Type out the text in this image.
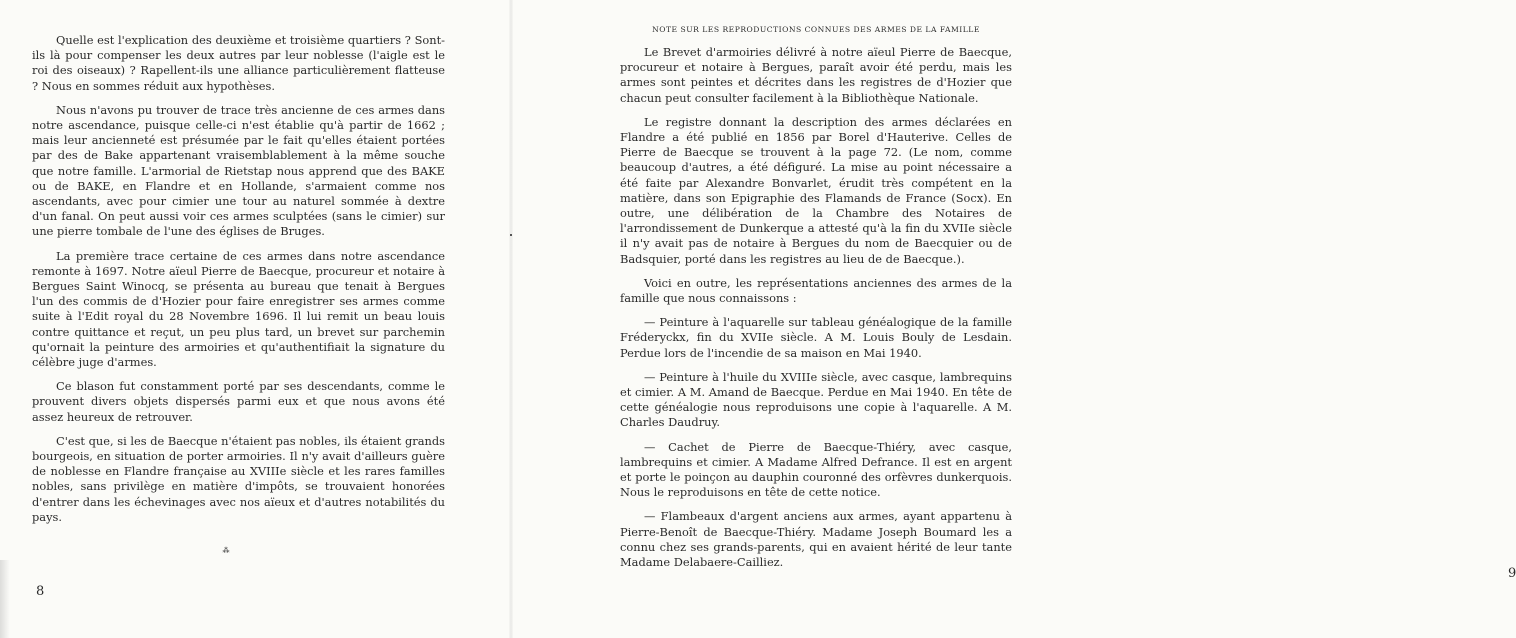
Quelle est l'explication des deuxième et troisième quartiers ? Sont-ils là pour compenser les deux autres par leur noblesse (l'aigle est le roi des oiseaux) ? Rapellent-ils une alliance particulièrement flatteuse ? Nous en sommes réduit aux hypothèses.

Nous n'avons pu trouver de trace très ancienne de ces armes dans notre ascendance, puisque celle-ci n'est établie qu'à partir de 1662 ; mais leur ancienneté est présumée par le fait qu'elles étaient portées par des de Bake appartenant vraisemblablement à la même souche que notre famille. L'armorial de Rietstap nous apprend que des BAKE ou de BAKE, en Flandre et en Hollande, s'armaient comme nos ascendants, avec pour cimier une tour au naturel sommée à dextre d'un fanal. On peut aussi voir ces armes sculptées (sans le cimier) sur une pierre tombale de l'une des églises de Bruges.

La première trace certaine de ces armes dans notre ascendance remonte à 1697. Notre aïeul Pierre de Baecque, procureur et notaire à Bergues Saint Winocq, se présenta au bureau que tenait à Bergues l'un des commis de d'Hozier pour faire enregistrer ses armes comme suite à l'Edit royal du 28 Novembre 1696. Il lui remit un beau louis contre quittance et reçut, un peu plus tard, un brevet sur parchemin qu'ornait la peinture des armoiries et qu'authentifiait la signature du célèbre juge d'armes.

Ce blason fut constamment porté par ses descendants, comme le prouvent divers objets dispersés parmi eux et que nous avons été assez heureux de retrouver.

C'est que, si les de Baecque n'étaient pas nobles, ils étaient grands bourgeois, en situation de porter armoiries. Il n'y avait d'ailleurs guère de noblesse en Flandre française au XVIIIe siècle et les rares familles nobles, sans privilège en matière d'impôts, se trouvaient honorées d'entrer dans les échevinages avec nos aïeux et d'autres notabilités du pays.

⁂
8
NOTE SUR LES REPRODUCTIONS CONNUES DES ARMES DE LA FAMILLE

Le Brevet d'armoiries délivré à notre aïeul Pierre de Baecque, procureur et notaire à Bergues, paraît avoir été perdu, mais les armes sont peintes et décrites dans les registres de d'Hozier que chacun peut consulter facilement à la Bibliothèque Nationale.

Le registre donnant la description des armes déclarées en Flandre a été publié en 1856 par Borel d'Hauterive. Celles de Pierre de Baecque se trouvent à la page 72. (Le nom, comme beaucoup d'autres, a été défiguré. La mise au point nécessaire a été faite par Alexandre Bonvarlet, érudit très compétent en la matière, dans son Epigraphie des Flamands de France (Socx). En outre, une délibération de la Chambre des Notaires de l'arrondissement de Dunkerque a attesté qu'à la fin du XVIIe siècle il n'y avait pas de notaire à Bergues du nom de Baecquier ou de Badsquier, porté dans les registres au lieu de de Baecque.).

Voici en outre, les représentations anciennes des armes de la famille que nous connaissons :

— Peinture à l'aquarelle sur tableau généalogique de la famille Fréderyckx, fin du XVIIe siècle. A M. Louis Bouly de Lesdain. Perdue lors de l'incendie de sa maison en Mai 1940.

— Peinture à l'huile du XVIIIe siècle, avec casque, lambrequins et cimier. A M. Amand de Baecque. Perdue en Mai 1940. En tête de cette généalogie nous reproduisons une copie à l'aquarelle. A M. Charles Daudruy.

— Cachet de Pierre de Baecque-Thiéry, avec casque, lambrequins et cimier. A Madame Alfred Defrance. Il est en argent et porte le poinçon au dauphin couronné des orfèvres dunkerquois. Nous le reproduisons en tête de cette notice.

— Flambeaux d'argent anciens aux armes, ayant appartenu à Pierre-Benoît de Baecque-Thiéry. Madame Joseph Boumard les a connu chez ses grands-parents, qui en avaient hérité de leur tante Madame Delabaere-Cailliez.

9
